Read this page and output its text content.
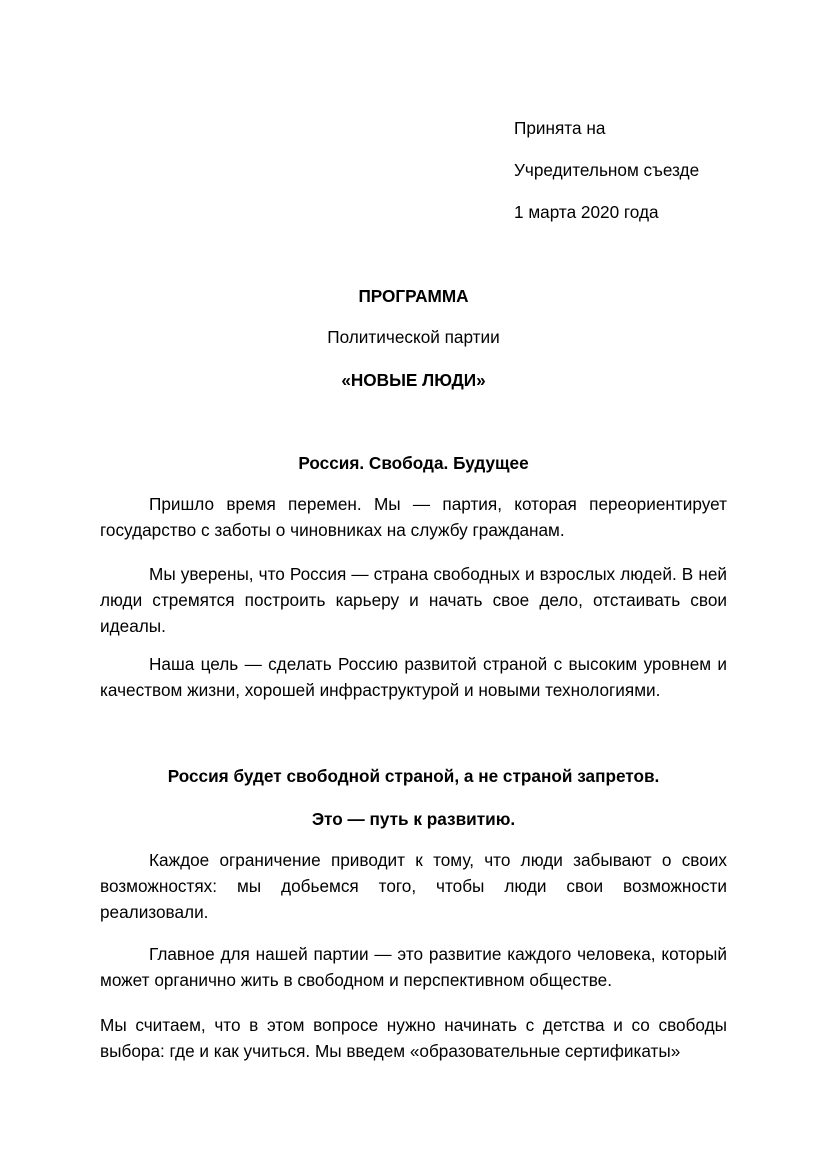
Принята на
Учредительном съезде
1 марта 2020 года
ПРОГРАММА
Политической партии
«НОВЫЕ ЛЮДИ»
Россия. Свобода. Будущее
Пришло время перемен. Мы — партия, которая переориентирует государство с заботы о чиновниках на службу гражданам.
Мы уверены, что Россия — страна свободных и взрослых людей. В ней люди стремятся построить карьеру и начать свое дело, отстаивать свои идеалы.
Наша цель — сделать Россию развитой страной с высоким уровнем и качеством жизни, хорошей инфраструктурой и новыми технологиями.
Россия будет свободной страной, а не страной запретов.
Это — путь к развитию.
Каждое ограничение приводит к тому, что люди забывают о своих возможностях: мы добьемся того, чтобы люди свои возможности реализовали.
Главное для нашей партии — это развитие каждого человека, который может органично жить в свободном и перспективном обществе.
Мы считаем, что в этом вопросе нужно начинать с детства и со свободы выбора: где и как учиться. Мы введем «образовательные сертификаты»
